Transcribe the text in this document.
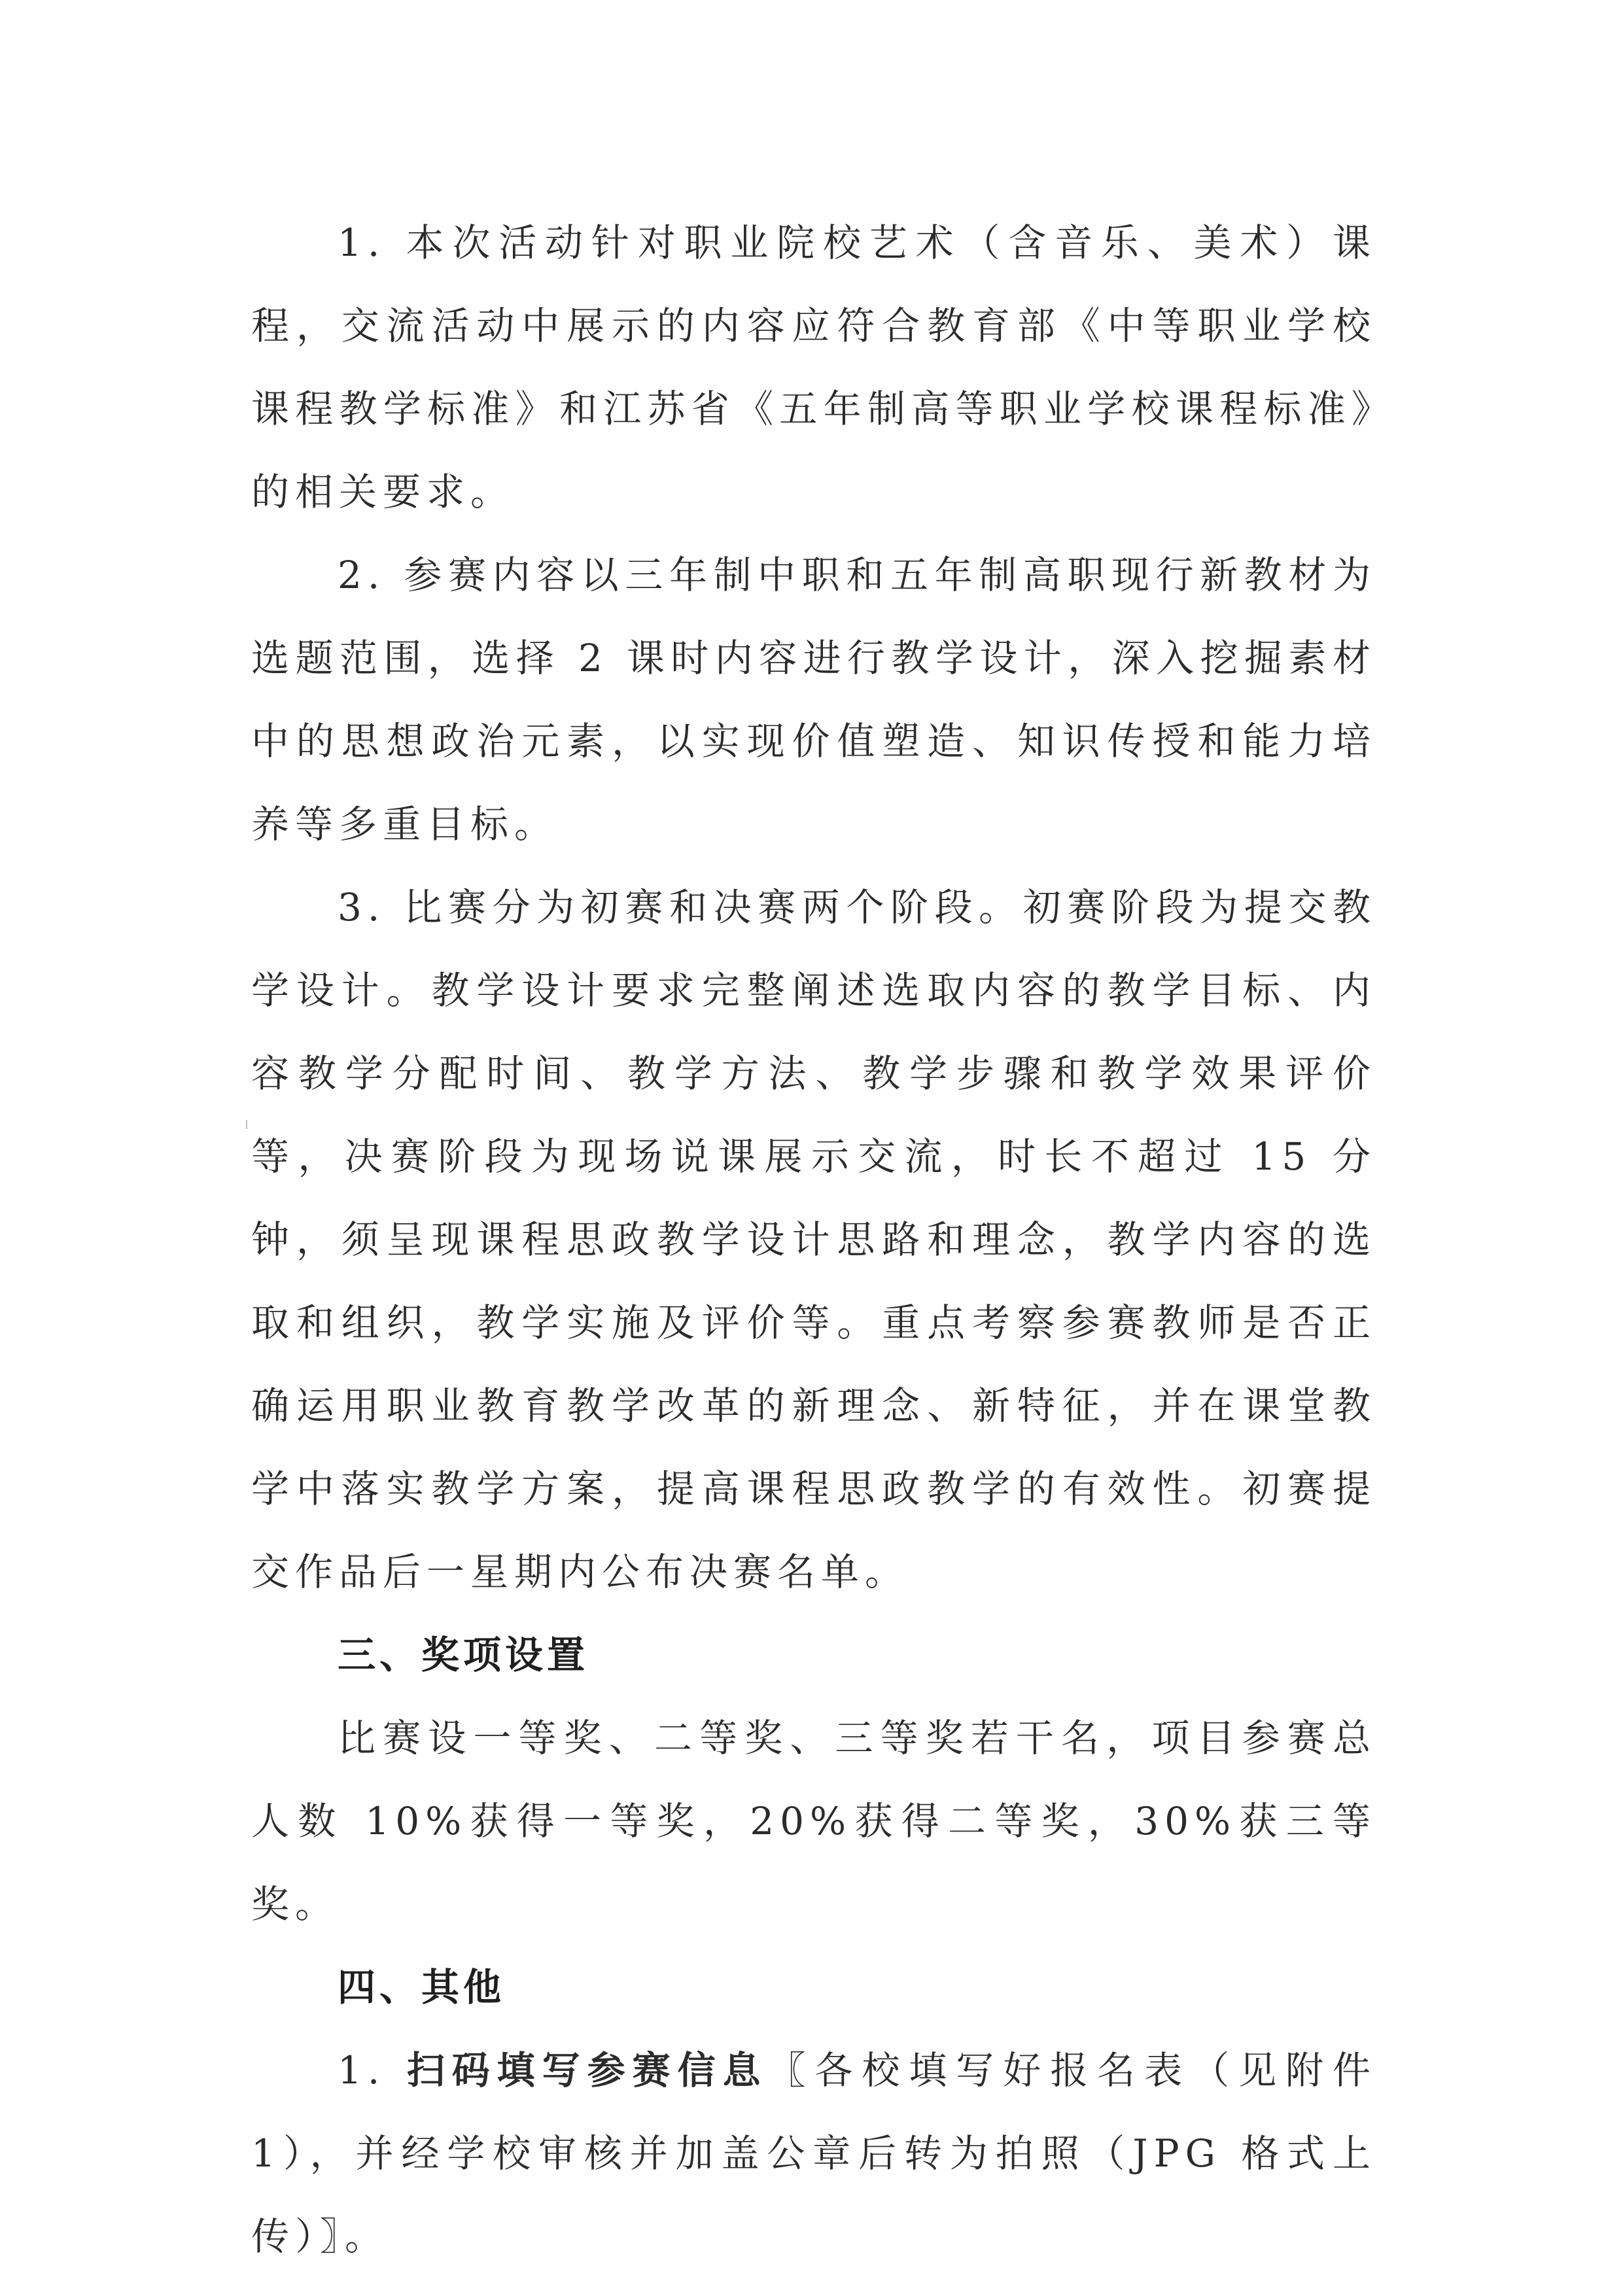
1. 本次活动针对职业院校艺术（含音乐、美术）课程，交流活动中展示的内容应符合教育部《中等职业学校课程教学标准》和江苏省《五年制高等职业学校课程标准》的相关要求。

2. 参赛内容以三年制中职和五年制高职现行新教材为选题范围，选择 2 课时内容进行教学设计，深入挖掘素材中的思想政治元素，以实现价值塑造、知识传授和能力培养等多重目标。

3. 比赛分为初赛和决赛两个阶段。初赛阶段为提交教学设计。教学设计要求完整阐述选取内容的教学目标、内容教学分配时间、教学方法、教学步骤和教学效果评价等，决赛阶段为现场说课展示交流，时长不超过 15 分钟，须呈现课程思政教学设计思路和理念，教学内容的选取和组织，教学实施及评价等。重点考察参赛教师是否正确运用职业教育教学改革的新理念、新特征，并在课堂教学中落实教学方案，提高课程思政教学的有效性。初赛提交作品后一星期内公布决赛名单。

三、奖项设置

比赛设一等奖、二等奖、三等奖若干名，项目参赛总人数 10%获得一等奖，20%获得二等奖，30%获三等奖。

四、其他

1. 扫码填写参赛信息〖各校填写好报名表（见附件 1），并经学校审核并加盖公章后转为拍照（JPG 格式上传）〗。
